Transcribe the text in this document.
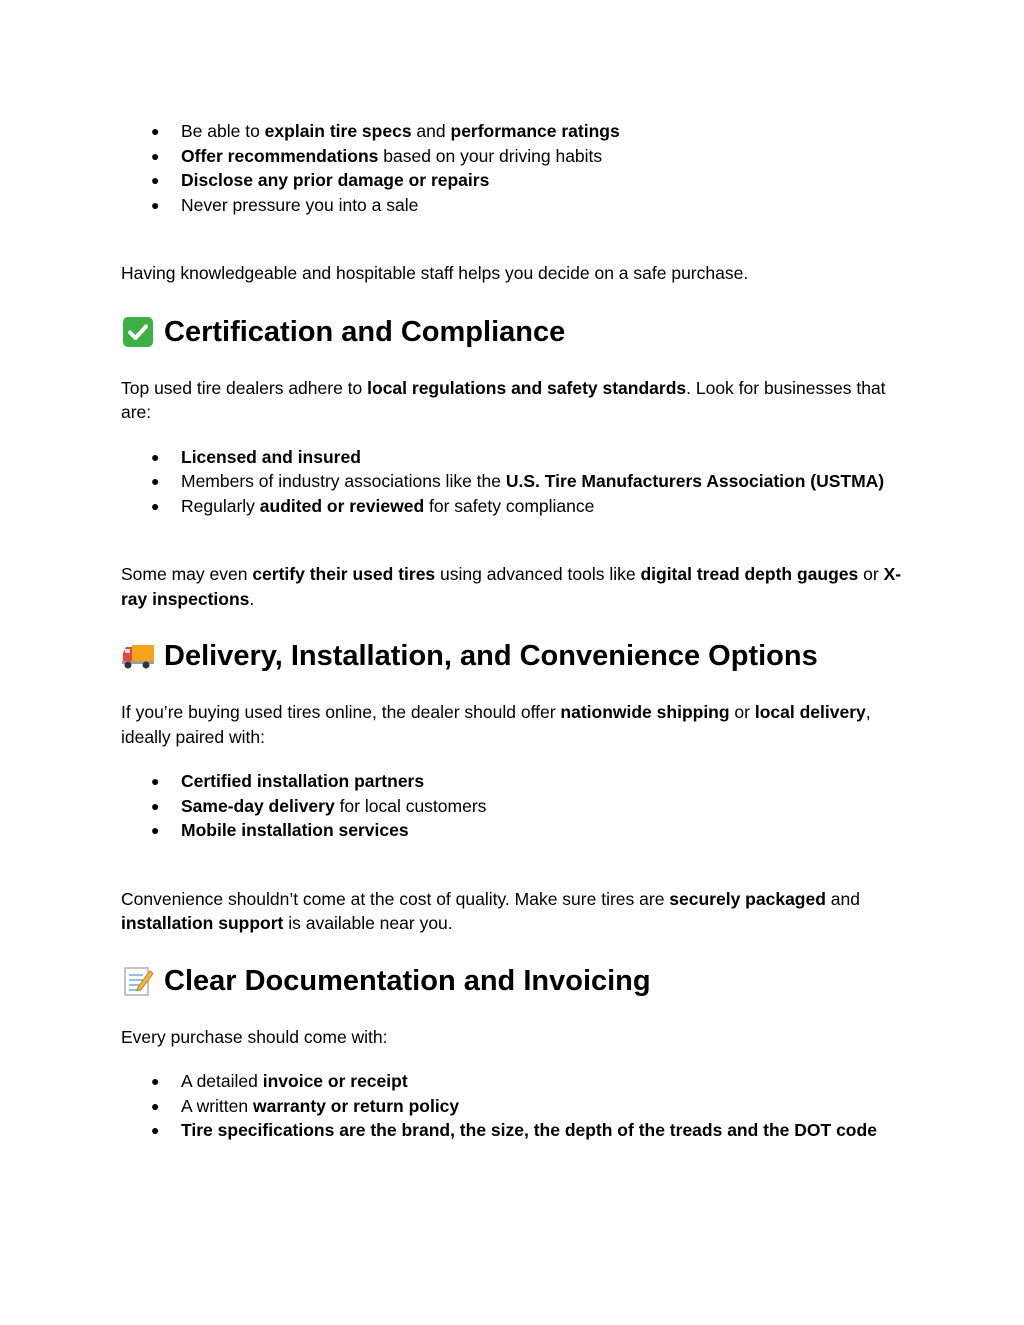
● Be able to explain tire specs and performance ratings
● Offer recommendations based on your driving habits
● Disclose any prior damage or repairs
● Never pressure you into a sale

Having knowledgeable and hospitable staff helps you decide on a safe purchase.

Certification and Compliance

Top used tire dealers adhere to local regulations and safety standards. Look for businesses that are:

● Licensed and insured
● Members of industry associations like the U.S. Tire Manufacturers Association (USTMA)
● Regularly audited or reviewed for safety compliance

Some may even certify their used tires using advanced tools like digital tread depth gauges or X-ray inspections.

Delivery, Installation, and Convenience Options

If you’re buying used tires online, the dealer should offer nationwide shipping or local delivery, ideally paired with:

● Certified installation partners
● Same-day delivery for local customers
● Mobile installation services

Convenience shouldn’t come at the cost of quality. Make sure tires are securely packaged and installation support is available near you.

Clear Documentation and Invoicing

Every purchase should come with:

● A detailed invoice or receipt
● A written warranty or return policy
● Tire specifications are the brand, the size, the depth of the treads and the DOT code
